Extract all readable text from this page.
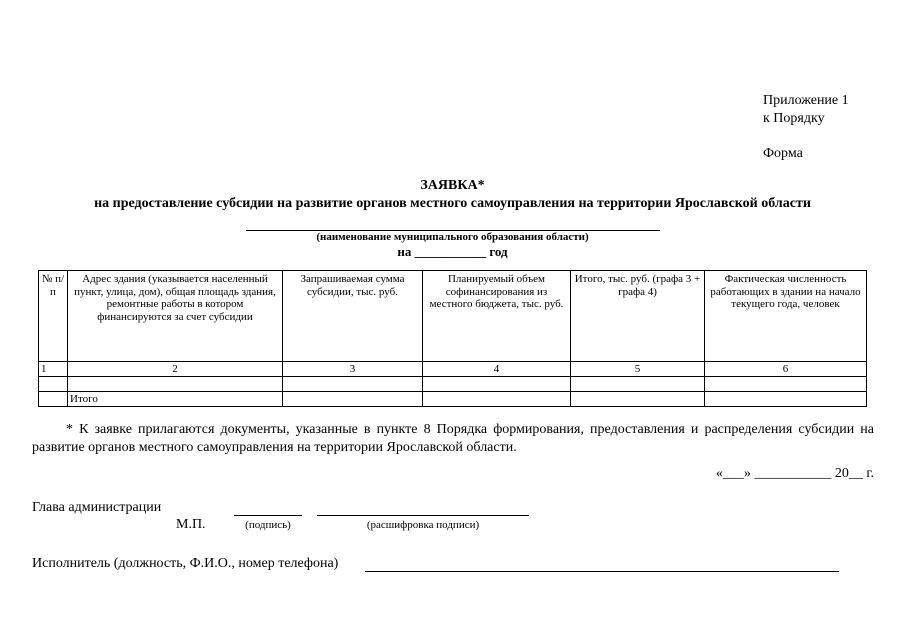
Приложение 1
к Порядку
Форма
ЗАЯВКА*
на предоставление субсидии на развитие органов местного самоуправления на территории Ярославской области
(наименование муниципального образования области)
на ___________ год
№ п/п	Адрес здания (указывается населенный пункт, улица, дом), общая площадь здания, ремонтные работы в котором финансируются за счет субсидии	Запрашиваемая сумма субсидии, тыс. руб.	Планируемый объем софинансирования из местного бюджета, тыс. руб.	Итого, тыс. руб. (графа 3 + графа 4)	Фактическая численность работающих в здании на начало текущего года, человек
1	2	3	4	5	6

	Итого				
* К заявке прилагаются документы, указанные в пункте 8 Порядка формирования, предоставления и распределения субсидии на развитие органов местного самоуправления на территории Ярославской области.
«___» ___________ 20__ г.
Глава администрации
М.П.	(подпись)	(расшифровка подписи)
Исполнитель (должность, Ф.И.О., номер телефона)
